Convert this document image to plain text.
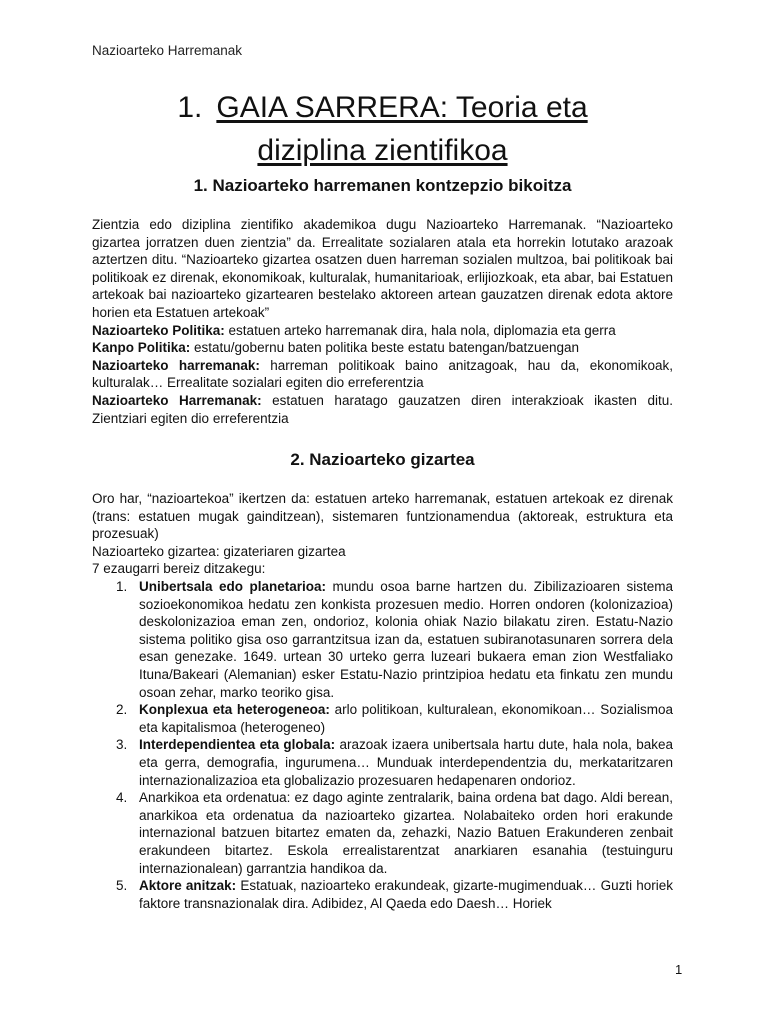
Nazioarteko Harremanak
1. GAIA SARRERA: Teoria eta
diziplina zientifikoa
1. Nazioarteko harremanen kontzepzio bikoitza

Zientzia edo diziplina zientifiko akademikoa dugu Nazioarteko Harremanak. “Nazioarteko gizartea jorratzen duen zientzia” da. Errealitate sozialaren atala eta horrekin lotutako arazoak aztertzen ditu. “Nazioarteko gizartea osatzen duen harreman sozialen multzoa, bai politikoak bai politikoak ez direnak, ekonomikoak, kulturalak, humanitarioak, erlijiozkoak, eta abar, bai Estatuen artekoak bai nazioarteko gizartearen bestelako aktoreen artean gauzatzen direnak edota aktore horien eta Estatuen artekoak”

Nazioarteko Politika: estatuen arteko harremanak dira, hala nola, diplomazia eta gerra

Kanpo Politika: estatu/gobernu baten politika beste estatu batengan/batzuengan

Nazioarteko harremanak: harreman politikoak baino anitzagoak, hau da, ekonomikoak, kulturalak… Errealitate sozialari egiten dio erreferentzia

Nazioarteko Harremanak: estatuen haratago gauzatzen diren interakzioak ikasten ditu. Zientziari egiten dio erreferentzia

2. Nazioarteko gizartea

Oro har, “nazioartekoa” ikertzen da: estatuen arteko harremanak, estatuen artekoak ez direnak (trans: estatuen mugak gainditzean), sistemaren funtzionamendua (aktoreak, estruktura eta prozesuak)

Nazioarteko gizartea: gizateriaren gizartea

7 ezaugarri bereiz ditzakegu:

1. Unibertsala edo planetarioa: mundu osoa barne hartzen du. Zibilizazioaren sistema sozioekonomikoa hedatu zen konkista prozesuen medio. Horren ondoren (kolonizazioa) deskolonizazioa eman zen, ondorioz, kolonia ohiak Nazio bilakatu ziren. Estatu-Nazio sistema politiko gisa oso garrantzitsua izan da, estatuen subiranotasunaren sorrera dela esan genezake. 1649. urtean 30 urteko gerra luzeari bukaera eman zion Westfaliako Ituna/Bakeari (Alemanian) esker Estatu-Nazio printzipioa hedatu eta finkatu zen mundu osoan zehar, marko teoriko gisa.
2. Konplexua eta heterogeneoa: arlo politikoan, kulturalean, ekonomikoan… Sozialismoa eta kapitalismoa (heterogeneo)
3. Interdependientea eta globala: arazoak izaera unibertsala hartu dute, hala nola, bakea eta gerra, demografia, ingurumena… Munduak interdependentzia du, merkataritzaren internazionalizazioa eta globalizazio prozesuaren hedapenaren ondorioz.
4. Anarkikoa eta ordenatua: ez dago aginte zentralarik, baina ordena bat dago. Aldi berean, anarkikoa eta ordenatua da nazioarteko gizartea. Nolabaiteko orden hori erakunde internazional batzuen bitartez ematen da, zehazki, Nazio Batuen Erakunderen zenbait erakundeen bitartez. Eskola errealistarentzat anarkiaren esanahia (testuinguru internazionalean) garrantzia handikoa da.
5. Aktore anitzak: Estatuak, nazioarteko erakundeak, gizarte-mugimenduak… Guzti horiek faktore transnazionalak dira. Adibidez, Al Qaeda edo Daesh… Horiek
1
